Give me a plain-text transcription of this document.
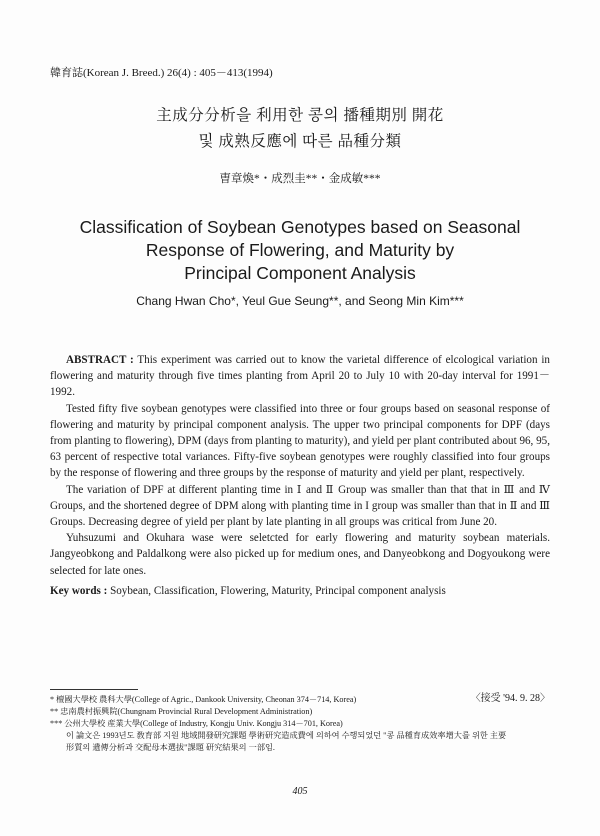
韓育誌(Korean J. Breed.) 26(4) : 405－413(1994)
主成分分析을 利用한 콩의 播種期別 開花
및 成熟反應에 따른 品種分類
曺章煥*・成烈圭**・金成敏***
Classification of Soybean Genotypes based on Seasonal
Response of Flowering, and Maturity by
Principal Component Analysis
Chang Hwan Cho*, Yeul Gue Seung**, and Seong Min Kim***

ABSTRACT : This experiment was carried out to know the varietal difference of elcological variation in flowering and maturity through five times planting from April 20 to July 10 with 20-day interval for 1991－1992.

Tested fifty five soybean genotypes were classified into three or four groups based on seasonal response of flowering and maturity by principal component analysis. The upper two principal components for DPF (days from planting to flowering), DPM (days from planting to maturity), and yield per plant contributed about 96, 95, 63 percent of respective total variances. Fifty-five soybean genotypes were roughly classified into four groups by the response of flowering and three groups by the response of maturity and yield per plant, respectively.

The variation of DPF at different planting time in Ⅰ and Ⅱ Group was smaller than that that in Ⅲ and Ⅳ Groups, and the shortened degree of DPM along with planting time in I group was smaller than that in Ⅱ and Ⅲ Groups. Decreasing degree of yield per plant by late planting in all groups was critical from June 20.

Yuhsuzumi and Okuhara wase were seletcted for early flowering and maturity soybean materials. Jangyeobkong and Paldalkong were also picked up for medium ones, and Danyeobkong and Dogyoukong were selected for late ones.

Key words : Soybean, Classification, Flowering, Maturity, Principal component analysis

* 檀國大學校 農科大學(College of Agric., Dankook University, Cheonan 374－714, Korea)	〈接受 '94. 9. 28〉
** 忠南農村振興院(Chungnam Provincial Rural Development Administration)
*** 公州大學校 産業大學(College of Industry, Kongju Univ. Kongju 314－701, Korea)
이 論文은 1993년도 敎育部 지원 地域開發研究課題 學術研究造成費에 의하여 수행되었던 "콩 品種育成效率增大를 위한 主要
形質의 遺傳分析과 交配母本選拔"課題 研究結果의 一部임.
405
